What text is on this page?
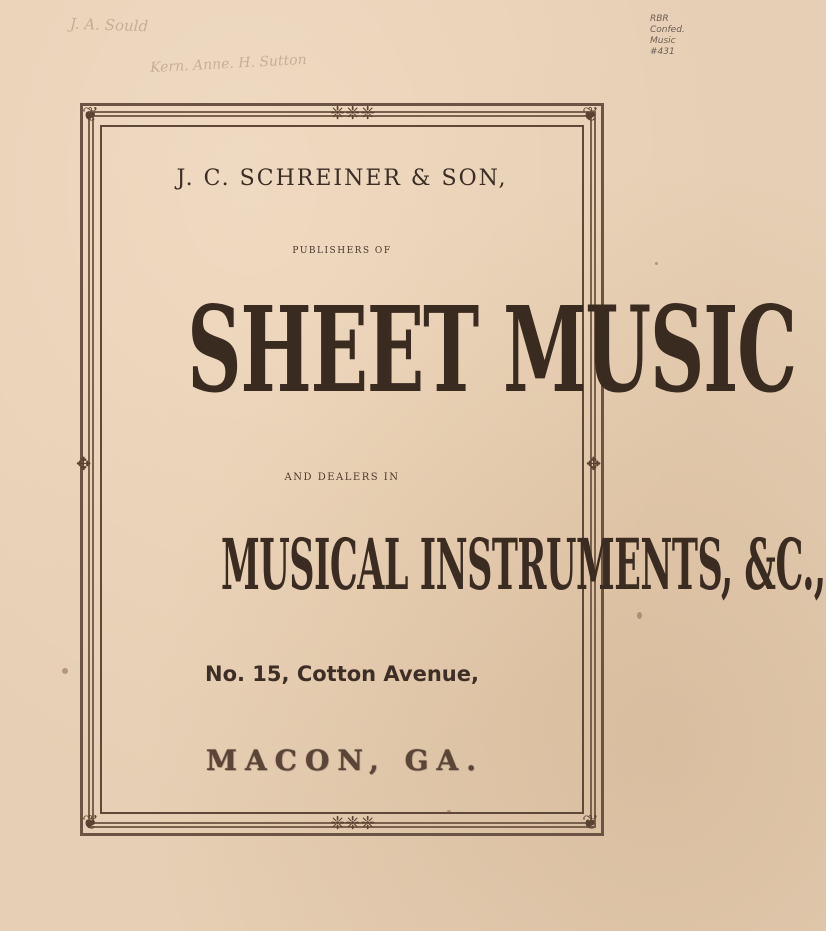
J. A. Sould
Kern. Anne. H. Sutton
RBR
Confed.
Music
#431
❦	❦
❦	❦
❈❈❈
❈❈❈
✥	✥
J. C. SCHREINER & SON,
PUBLISHERS OF
SHEET MUSIC
AND DEALERS IN
MUSICAL INSTRUMENTS, &C.,
No. 15, Cotton Avenue,
MACON, GA.
